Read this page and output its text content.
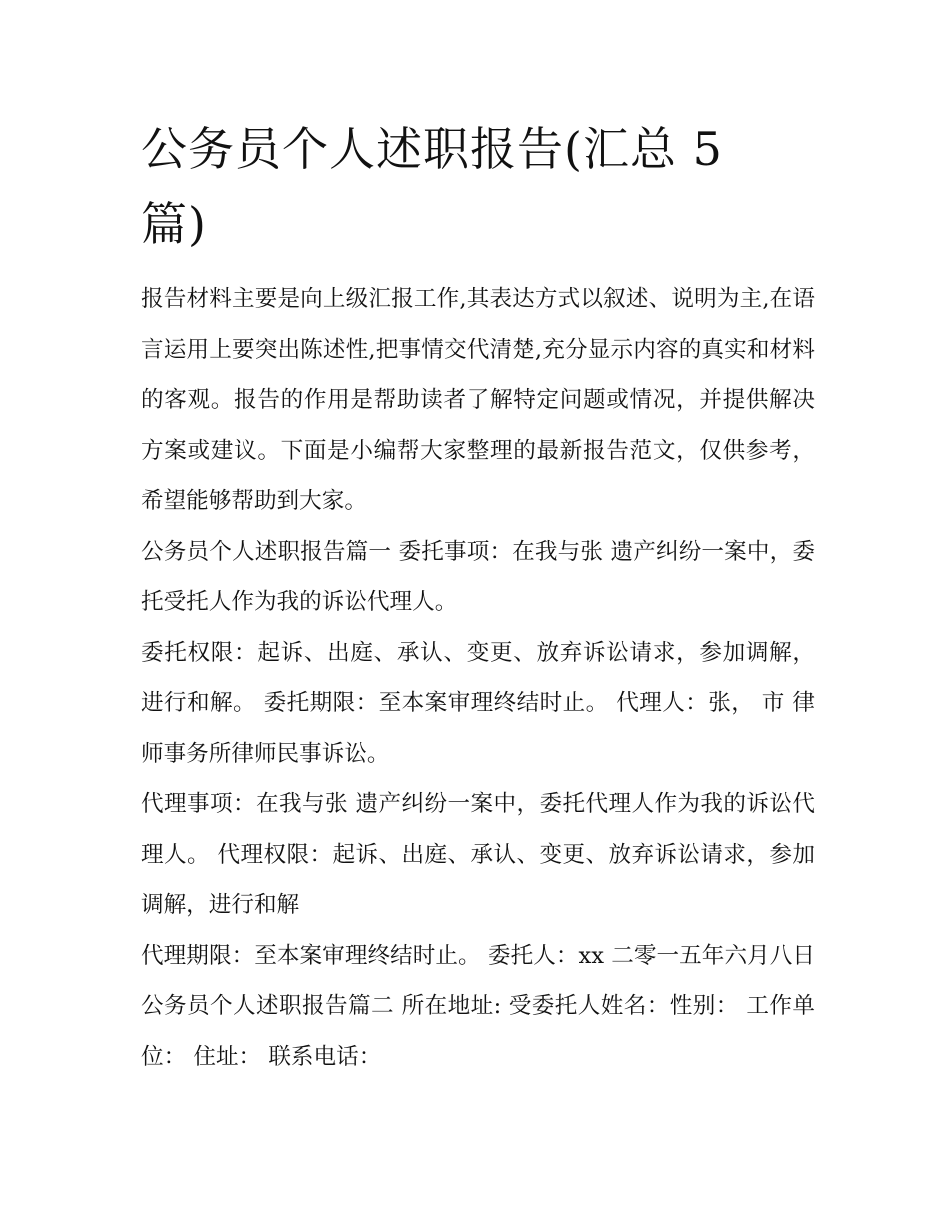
公务员个人述职报告(汇总 5
篇)

报告材料主要是向上级汇报工作,其表达方式以叙述、说明为主,在语言运用上要突出陈述性,把事情交代清楚,充分显示内容的真实和材料的客观。报告的作用是帮助读者了解特定问题或情况，并提供解决方案或建议。下面是小编帮大家整理的最新报告范文，仅供参考，希望能够帮助到大家。

公务员个人述职报告篇一 委托事项：在我与张 遗产纠纷一案中，委托受托人作为我的诉讼代理人。

委托权限：起诉、出庭、承认、变更、放弃诉讼请求，参加调解，进行和解。 委托期限：至本案审理终结时止。 代理人：张， 市 律师事务所律师民事诉讼。

代理事项：在我与张 遗产纠纷一案中，委托代理人作为我的诉讼代理人。 代理权限：起诉、出庭、承认、变更、放弃诉讼请求，参加调解，进行和解

代理期限：至本案审理终结时止。 委托人：xx 二零一五年六月八日 公务员个人述职报告篇二 所在地址: 受委托人姓名：性别： 工作单位： 住址： 联系电话：
